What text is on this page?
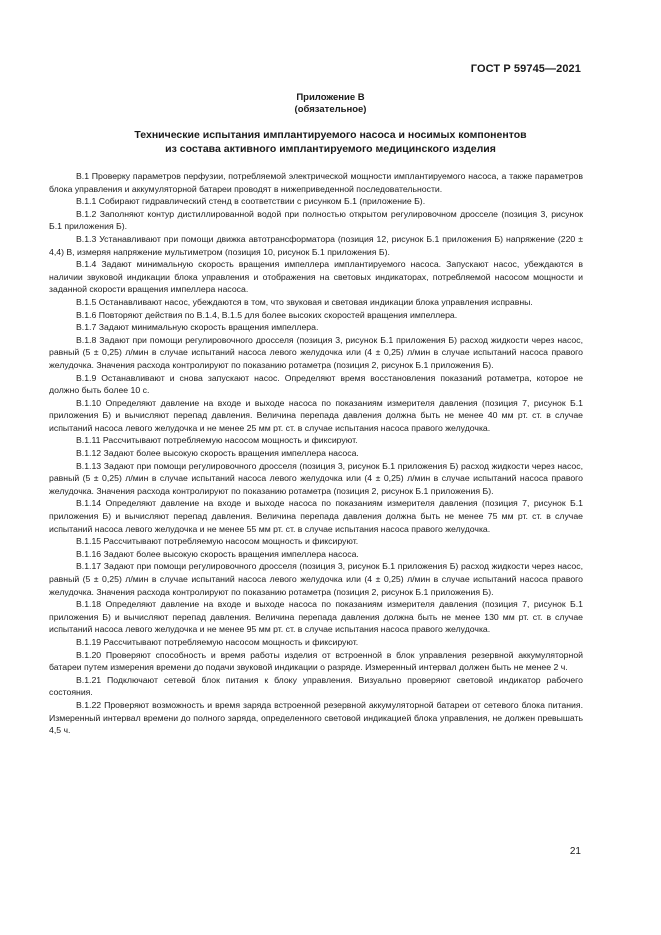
ГОСТ Р 59745—2021
Приложение В
(обязательное)
Технические испытания имплантируемого насоса и носимых компонентов
из состава активного имплантируемого медицинского изделия

В.1 Проверку параметров перфузии, потребляемой электрической мощности имплантируемого насоса, а также параметров блока управления и аккумуляторной батареи проводят в нижеприведенной последовательности.

В.1.1 Собирают гидравлический стенд в соответствии с рисунком Б.1 (приложение Б).

В.1.2 Заполняют контур дистиллированной водой при полностью открытом регулировочном дросселе (позиция 3, рисунок Б.1 приложения Б).

В.1.3 Устанавливают при помощи движка автотрансформатора (позиция 12, рисунок Б.1 приложения Б) напряжение (220 ± 4,4) В, измеряя напряжение мультиметром (позиция 10, рисунок Б.1 приложения Б).

В.1.4 Задают минимальную скорость вращения импеллера имплантируемого насоса. Запускают насос, убеждаются в наличии звуковой индикации блока управления и отображения на световых индикаторах, потребляемой насосом мощности и заданной скорости вращения импеллера насоса.

В.1.5 Останавливают насос, убеждаются в том, что звуковая и световая индикации блока управления исправны.

В.1.6 Повторяют действия по В.1.4, В.1.5 для более высоких скоростей вращения импеллера.

В.1.7 Задают минимальную скорость вращения импеллера.

В.1.8 Задают при помощи регулировочного дросселя (позиция 3, рисунок Б.1 приложения Б) расход жидкости через насос, равный (5 ± 0,25) л/мин в случае испытаний насоса левого желудочка или (4 ± 0,25) л/мин в случае испытаний насоса правого желудочка. Значения расхода контролируют по показанию ротаметра (позиция 2, рисунок Б.1 приложения Б).

В.1.9 Останавливают и снова запускают насос. Определяют время восстановления показаний ротаметра, которое не должно быть более 10 с.

В.1.10 Определяют давление на входе и выходе насоса по показаниям измерителя давления (позиция 7, рисунок Б.1 приложения Б) и вычисляют перепад давления. Величина перепада давления должна быть не менее 40 мм рт. ст. в случае испытаний насоса левого желудочка и не менее 25 мм рт. ст. в случае испытания насоса правого желудочка.

В.1.11 Рассчитывают потребляемую насосом мощность и фиксируют.

В.1.12 Задают более высокую скорость вращения импеллера насоса.

В.1.13 Задают при помощи регулировочного дросселя (позиция 3, рисунок Б.1 приложения Б) расход жидкости через насос, равный (5 ± 0,25) л/мин в случае испытаний насоса левого желудочка или (4 ± 0,25) л/мин в случае испытаний насоса правого желудочка. Значения расхода контролируют по показанию ротаметра (позиция 2, рисунок Б.1 приложения Б).

В.1.14 Определяют давление на входе и выходе насоса по показаниям измерителя давления (позиция 7, рисунок Б.1 приложения Б) и вычисляют перепад давления. Величина перепада давления должна быть не менее 75 мм рт. ст. в случае испытаний насоса левого желудочка и не менее 55 мм рт. ст. в случае испытания насоса правого желудочка.

В.1.15 Рассчитывают потребляемую насосом мощность и фиксируют.

В.1.16 Задают более высокую скорость вращения импеллера насоса.

В.1.17 Задают при помощи регулировочного дросселя (позиция 3, рисунок Б.1 приложения Б) расход жидкости через насос, равный (5 ± 0,25) л/мин в случае испытаний насоса левого желудочка или (4 ± 0,25) л/мин в случае испытаний насоса правого желудочка. Значения расхода контролируют по показанию ротаметра (позиция 2, рисунок Б.1 приложения Б).

В.1.18 Определяют давление на входе и выходе насоса по показаниям измерителя давления (позиция 7, рисунок Б.1 приложения Б) и вычисляют перепад давления. Величина перепада давления должна быть не менее 130 мм рт. ст. в случае испытаний насоса левого желудочка и не менее 95 мм рт. ст. в случае испытания насоса правого желудочка.

В.1.19 Рассчитывают потребляемую насосом мощность и фиксируют.

В.1.20 Проверяют способность и время работы изделия от встроенной в блок управления резервной аккумуляторной батареи путем измерения времени до подачи звуковой индикации о разряде. Измеренный интервал должен быть не менее 2 ч.

В.1.21 Подключают сетевой блок питания к блоку управления. Визуально проверяют световой индикатор рабочего состояния.

В.1.22 Проверяют возможность и время заряда встроенной резервной аккумуляторной батареи от сетевого блока питания. Измеренный интервал времени до полного заряда, определенного световой индикацией блока управления, не должен превышать 4,5 ч.

21
